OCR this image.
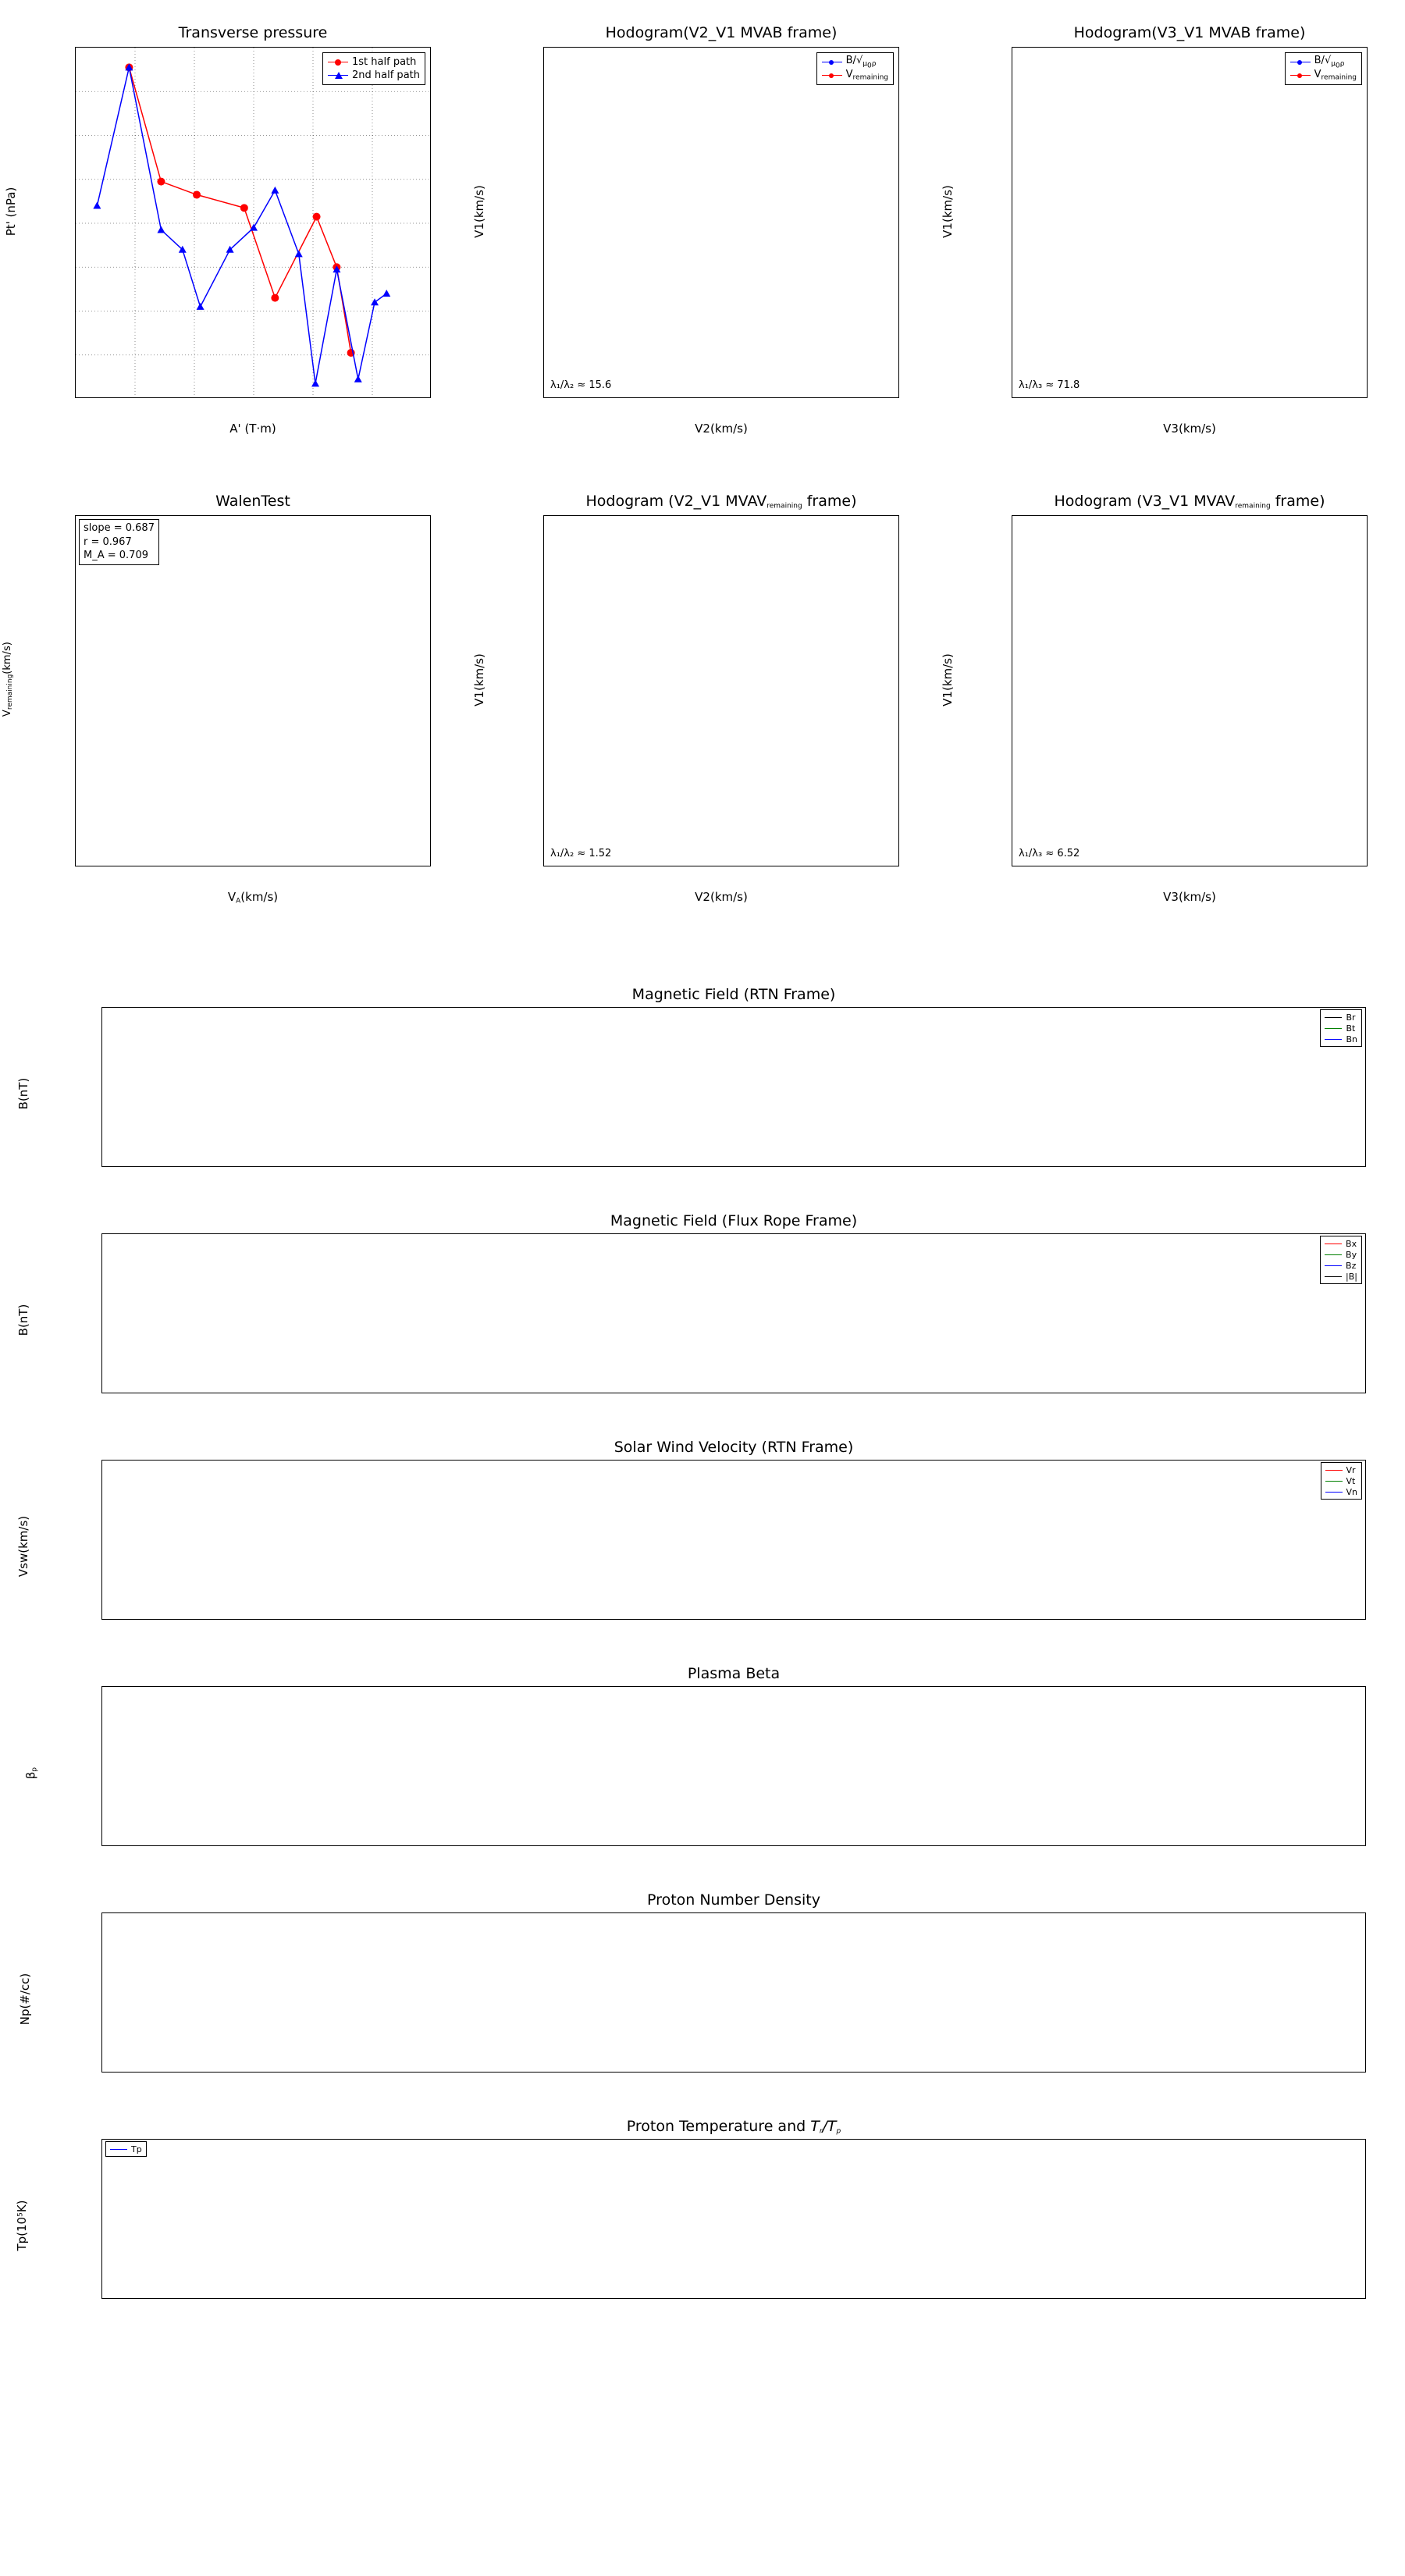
Transverse pressure
1st half path
2nd half path
Pt' (nPa)
A' (T·m)
Hodogram(V2_V1 MVAB frame)
$B/√_{\mu 0\rho}$
$V_{remaining}$
λ₁/λ₂ ≈ 15.6
V1(km/s)
V2(km/s)
Hodogram(V3_V1 MVAB frame)
$B/√_{\mu 0\rho}$
$V_{remaining}$
λ₁/λ₃ ≈ 71.8
V1(km/s)
V3(km/s)
WalenTest
slope = 0.687
r = 0.967
M_A = 0.709
$V_{remaining}(km/s)$
$V_A(km/s)$
Hodogram (V2_V1 $MVAV_{remaining}$ frame)
λ₁/λ₂ ≈ 1.52
V1(km/s)
V2(km/s)
Hodogram (V3_V1 $MVAV_{remaining}$ frame)
λ₁/λ₃ ≈ 6.52
V1(km/s)
V3(km/s)
Magnetic Field (RTN Frame)
Br
Bt
Bn
B(nT)
Magnetic Field (Flux Rope Frame)
Bx
By
Bz
|B|
B(nT)
Solar Wind Velocity (RTN Frame)
Vr
Vt
Vn
Vsw(km/s)
Plasma Beta
$\beta_p$
Proton Number Density
Np(#/cc)
Proton Temperature and $T_r/T_p$
Tp
$Tp(10^5K)$
